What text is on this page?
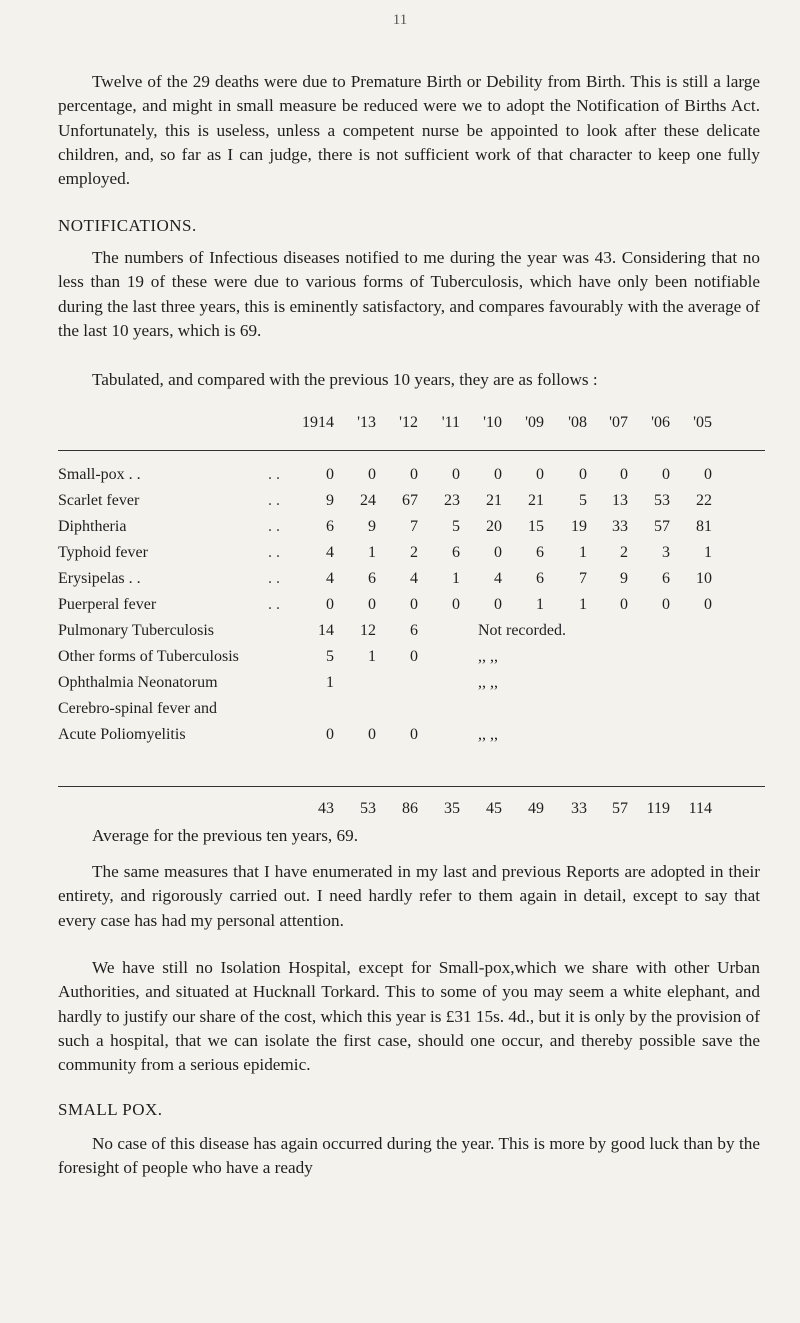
11

Twelve of the 29 deaths were due to Premature Birth or Debility from Birth. This is still a large percentage, and might in small measure be reduced were we to adopt the Notification of Births Act. Unfortunately, this is useless, unless a competent nurse be appointed to look after these delicate children, and, so far as I can judge, there is not sufficient work of that character to keep one fully employed.

NOTIFICATIONS.

The numbers of Infectious diseases notified to me during the year was 43. Considering that no less than 19 of these were due to various forms of Tuberculosis, which have only been notifiable during the last three years, this is eminently satisfactory, and compares favourably with the average of the last 10 years, which is 69.

Tabulated, and compared with the previous 10 years, they are as follows :

1914	'13	'12	'11	'10	'09	'08	'07	'06	'05
Small-pox . .	. .	0	0	0	0	0	0	0	0	0	0
Scarlet fever	. .	9	24	67	23	21	21	5	13	53	22
Diphtheria	. .	6	9	7	5	20	15	19	33	57	81
Typhoid fever	. .	4	1	2	6	0	6	1	2	3	1
Erysipelas . .	. .	4	6	4	1	4	6	7	9	6	10
Puerperal fever	. .	0	0	0	0	0	1	1	0	0	0
Pulmonary Tuberculosis	14	12	6	Not recorded.
Other forms of Tuberculosis	5	1	0	,, ,,
Ophthalmia Neonatorum	1	,, ,,
Cerebro-spinal fever and
Acute Poliomyelitis	0	0	0	,, ,,
43	53	86	35	45	49	33	57	119	114

Average for the previous ten years, 69.

The same measures that I have enumerated in my last and previous Reports are adopted in their entirety, and rigorously carried out. I need hardly refer to them again in detail, except to say that every case has had my personal attention.

We have still no Isolation Hospital, except for Small-pox,which we share with other Urban Authorities, and situated at Hucknall Torkard. This to some of you may seem a white elephant, and hardly to justify our share of the cost, which this year is £31 15s. 4d., but it is only by the provision of such a hospital, that we can isolate the first case, should one occur, and thereby possible save the community from a serious epidemic.

SMALL POX.

No case of this disease has again occurred during the year. This is more by good luck than by the foresight of people who have a ready
